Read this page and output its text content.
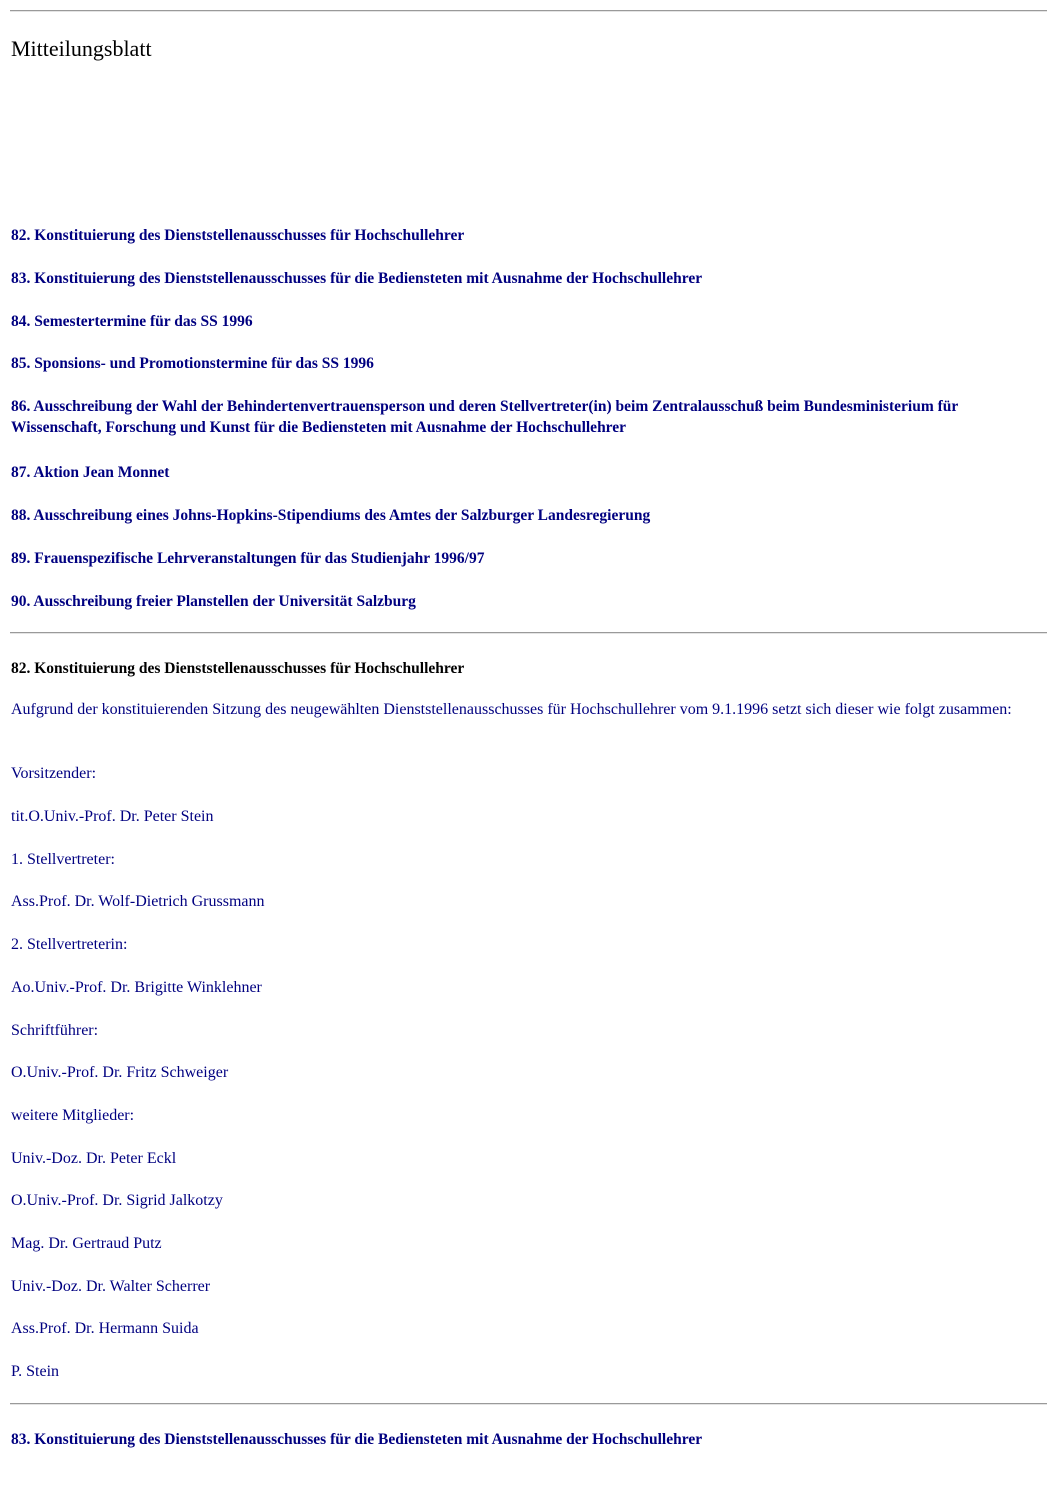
Mitteilungsblatt
82. Konstituierung des Dienststellenausschusses für Hochschullehrer
83. Konstituierung des Dienststellenausschusses für die Bediensteten mit Ausnahme der Hochschullehrer
84. Semestertermine für das SS 1996
85. Sponsions- und Promotionstermine für das SS 1996
86. Ausschreibung der Wahl der Behindertenvertrauensperson und deren Stellvertreter(in) beim Zentralausschuß beim Bundesministerium für Wissenschaft, Forschung und Kunst für die Bediensteten mit Ausnahme der Hochschullehrer
87. Aktion Jean Monnet
88. Ausschreibung eines Johns-Hopkins-Stipendiums des Amtes der Salzburger Landesregierung
89. Frauenspezifische Lehrveranstaltungen für das Studienjahr 1996/97
90. Ausschreibung freier Planstellen der Universität Salzburg
82. Konstituierung des Dienststellenausschusses für Hochschullehrer
Aufgrund der konstituierenden Sitzung des neugewählten Dienststellenausschusses für Hochschullehrer vom 9.1.1996 setzt sich dieser wie folgt zusammen:
Vorsitzender:
tit.O.Univ.-Prof. Dr. Peter Stein
1. Stellvertreter:
Ass.Prof. Dr. Wolf-Dietrich Grussmann
2. Stellvertreterin:
Ao.Univ.-Prof. Dr. Brigitte Winklehner
Schriftführer:
O.Univ.-Prof. Dr. Fritz Schweiger
weitere Mitglieder:
Univ.-Doz. Dr. Peter Eckl
O.Univ.-Prof. Dr. Sigrid Jalkotzy
Mag. Dr. Gertraud Putz
Univ.-Doz. Dr. Walter Scherrer
Ass.Prof. Dr. Hermann Suida
P. Stein
83. Konstituierung des Dienststellenausschusses für die Bediensteten mit Ausnahme der Hochschullehrer
